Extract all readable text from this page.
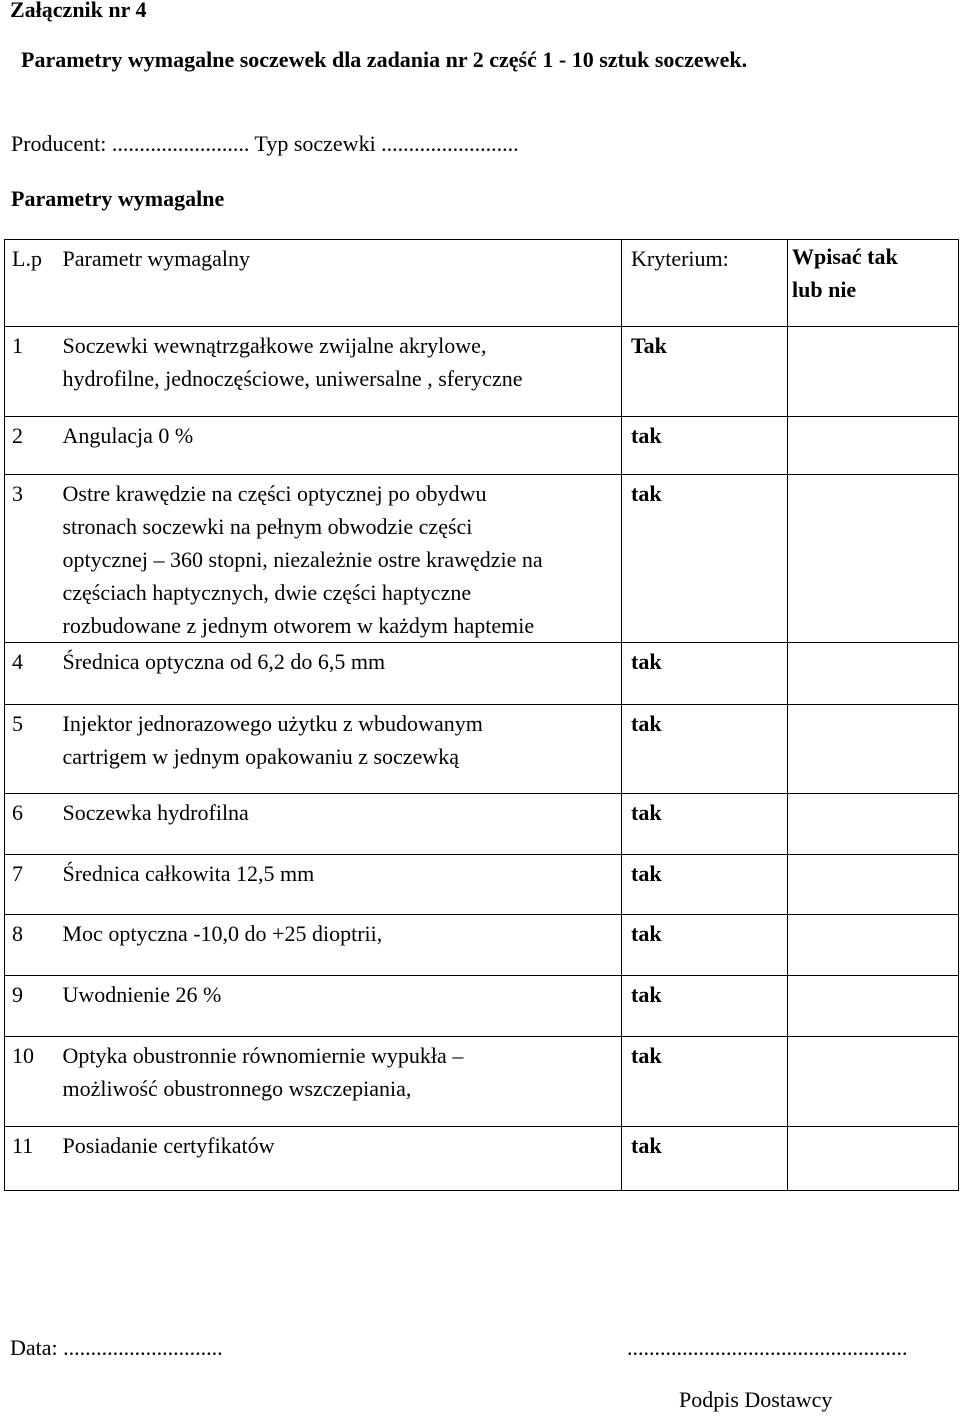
Załącznik nr 4
Parametry wymagalne soczewek dla zadania nr 2 część 1 - 10 sztuk soczewek.
Producent: ......................... Typ soczewki .........................
Parametry wymagalne
L.p	Parametr wymagalny	Kryterium:	Wpisać tak
lub nie

1	Soczewki wewnątrzgałkowe zwijalne akrylowe,
hydrofilne, jednoczęściowe, uniwersalne , sferyczne	Tak	
2	Angulacja 0 %	tak	
3	Ostre krawędzie na części optycznej po obydwu
stronach soczewki na pełnym obwodzie części
optycznej – 360 stopni, niezależnie ostre krawędzie na
częściach haptycznych, dwie części haptyczne
rozbudowane z jednym otworem w każdym haptemie	tak	
4	Średnica optyczna od 6,2 do 6,5 mm	tak	
5	Injektor jednorazowego użytku z wbudowanym
cartrigem w jednym opakowaniu z soczewką	tak	
6	Soczewka hydrofilna	tak	
7	Średnica całkowita 12,5 mm	tak	
8	Moc optyczna -10,0 do +25 dioptrii,	tak	
9	Uwodnienie 26 %	tak	
10	Optyka obustronnie równomiernie wypukła –
możliwość obustronnego wszczepiania,	tak	
11	Posiadanie certyfikatów	tak	
Data: .............................	...................................................
Podpis Dostawcy
